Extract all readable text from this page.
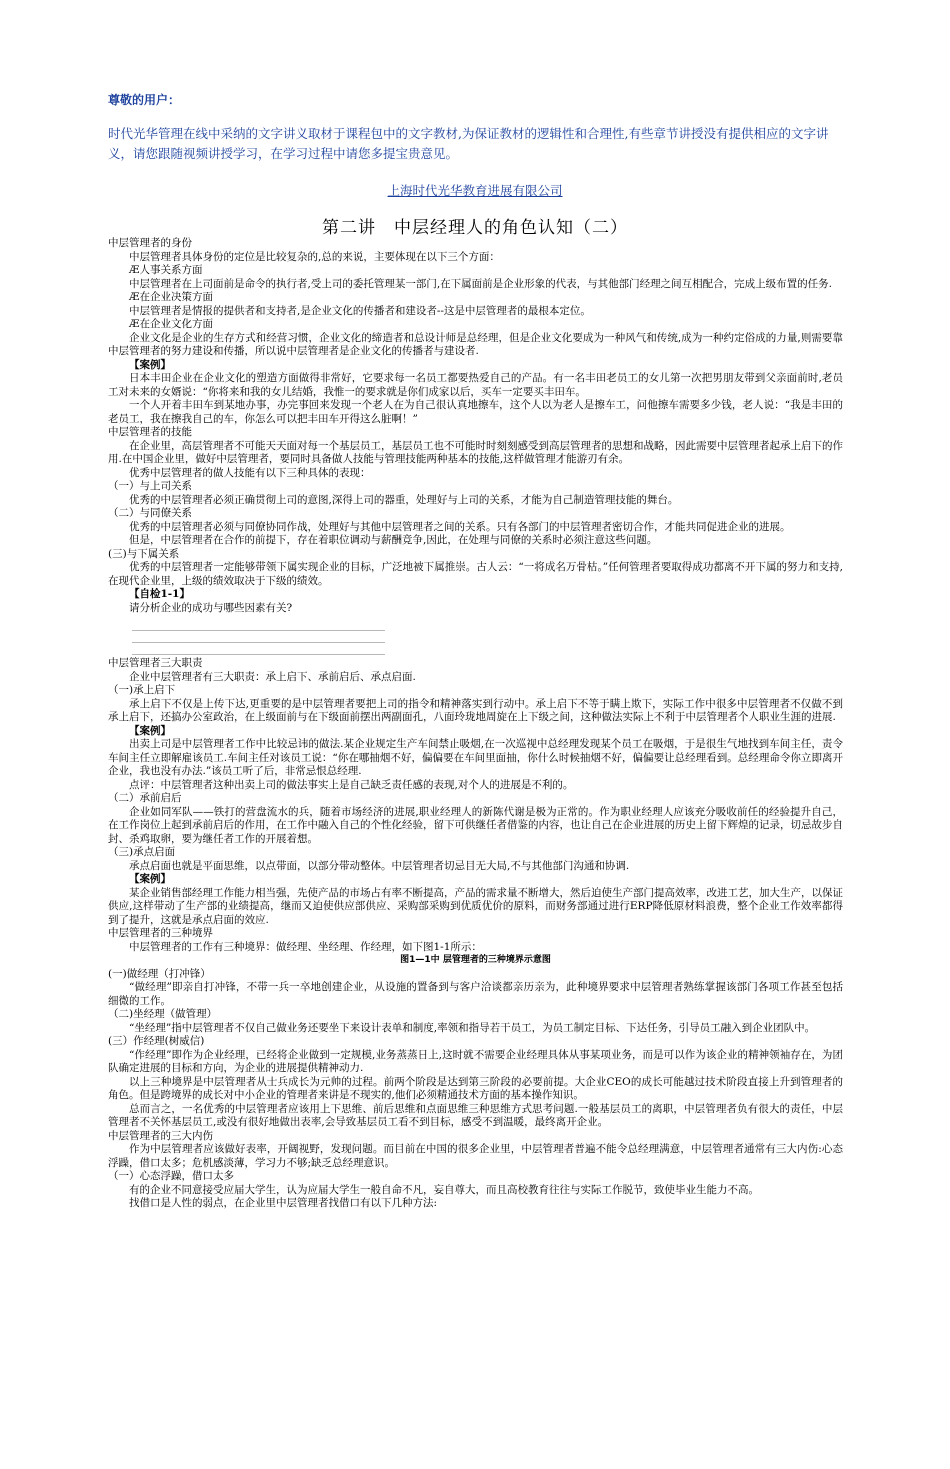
尊敬的用户：
时代光华管理在线中采纳的文字讲义取材于课程包中的文字教材,为保证教材的逻辑性和合理性,有些章节讲授没有提供相应的文字讲义，请您跟随视频讲授学习，在学习过程中请您多提宝贵意见。
上海时代光华教育进展有限公司
第二讲　中层经理人的角色认知（二）

中层管理者的身份

中层管理者具体身份的定位是比较复杂的,总的来说，主要体现在以下三个方面：

Æ人事关系方面

中层管理者在上司面前是命令的执行者,受上司的委托管理某一部门,在下属面前是企业形象的代表，与其他部门经理之间互相配合，完成上级布置的任务.

Æ在企业决策方面

中层管理者是情报的提供者和支持者,是企业文化的传播者和建设者--这是中层管理者的最根本定位。

Æ在企业文化方面

企业文化是企业的生存方式和经营习惯，企业文化的缔造者和总设计师是总经理，但是企业文化要成为一种风气和传统,成为一种约定俗成的力量,则需要靠中层管理者的努力建设和传播，所以说中层管理者是企业文化的传播者与建设者.

【案例】

日本丰田企业在企业文化的塑造方面做得非常好，它要求每一名员工都要热爱自己的产品。有一名丰田老员工的女儿第一次把男朋友带到父亲面前时,老员工对未来的女婿说：“你将来和我的女儿结婚，我惟一的要求就是你们成家以后，买车一定要买丰田车。

一个人开着丰田车到某地办事，办完事回来发现一个老人在为自己很认真地擦车，这个人以为老人是擦车工，问他擦车需要多少钱，老人说：“我是丰田的老员工，我在擦我自己的车，你怎么可以把丰田车开得这么脏啊！”

中层管理者的技能

在企业里，高层管理者不可能天天面对每一个基层员工，基层员工也不可能时时刻刻感受到高层管理者的思想和战略，因此需要中层管理者起承上启下的作用.在中国企业里，做好中层管理者，要同时具备做人技能与管理技能两种基本的技能,这样做管理才能游刃有余。

优秀中层管理者的做人技能有以下三种具体的表现：

（一）与上司关系

优秀的中层管理者必须正确贯彻上司的意图,深得上司的器重，处理好与上司的关系，才能为自己制造管理技能的舞台。

（二）与同僚关系

优秀的中层管理者必须与同僚协同作战，处理好与其他中层管理者之间的关系。只有各部门的中层管理者密切合作，才能共同促进企业的进展。

但是，中层管理者在合作的前提下，存在着职位调动与薪酬竞争,因此，在处理与同僚的关系时必须注意这些问题。

(三)与下属关系

优秀的中层管理者一定能够带领下属实现企业的目标，广泛地被下属推崇。古人云：“一将成名万骨枯。”任何管理者要取得成功都离不开下属的努力和支持,在现代企业里，上级的绩效取决于下级的绩效。

【自检1-1】

请分析企业的成功与哪些因素有关?

中层管理者三大职责

企业中层管理者有三大职责：承上启下、承前启后、承点启面.

（一)承上启下

承上启下不仅是上传下达,更重要的是中层管理者要把上司的指令和精神落实到行动中。承上启下不等于瞒上欺下，实际工作中很多中层管理者不仅做不到承上启下，还搞办公室政治，在上级面前与在下级面前摆出两副面孔，八面玲珑地周旋在上下级之间，这种做法实际上不利于中层管理者个人职业生涯的进展.

【案例】

出卖上司是中层管理者工作中比较忌讳的做法.某企业规定生产车间禁止吸烟,在一次巡视中总经理发现某个员工在吸烟，于是很生气地找到车间主任，责令车间主任立即解雇该员工.车间主任对该员工说：“你在哪抽烟不好，偏偏要在车间里面抽，你什么时候抽烟不好，偏偏要让总经理看到。总经理命令你立即离开企业，我也没有办法.”该员工听了后，非常忌恨总经理.

点评：中层管理者这种出卖上司的做法事实上是自己缺乏责任感的表现,对个人的进展是不利的。

（二）承前启后

企业如同军队——铁打的营盘流水的兵，随着市场经济的进展,职业经理人的新陈代谢是极为正常的。作为职业经理人应该充分吸收前任的经验提升自己，在工作岗位上起到承前启后的作用，在工作中融入自己的个性化经验，留下可供继任者借鉴的内容，也让自己在企业进展的历史上留下辉煌的记录，切忌故步自封、杀鸡取卵，要为继任者工作的开展着想。

（三)承点启面

承点启面也就是平面思维，以点带面，以部分带动整体。中层管理者切忌目无大局,不与其他部门沟通和协调.

【案例】

某企业销售部经理工作能力相当强，先使产品的市场占有率不断提高，产品的需求量不断增大，然后迫使生产部门提高效率，改进工艺，加大生产，以保证供应,这样带动了生产部的业绩提高，继而又迫使供应部供应、采购部采购到优质优价的原料，而财务部通过进行ERP降低原材料浪费，整个企业工作效率都得到了提升，这就是承点启面的效应.

中层管理者的三种境界

中层管理者的工作有三种境界：做经理、坐经理、作经理，如下图1-1所示：

图1—1中 层管理者的三种境界示意图

(一)做经理（打冲锋）

“做经理”即亲自打冲锋，不带一兵一卒地创建企业，从设施的置备到与客户洽谈都亲历亲为，此种境界要求中层管理者熟练掌握该部门各项工作甚至包括细微的工作。

（二)坐经理（做管理）

“坐经理”指中层管理者不仅自己做业务还要坐下来设计表单和制度,率领和指导若干员工，为员工制定目标、下达任务，引导员工融入到企业团队中。

(三）作经理(树威信)

“作经理”即作为企业经理，已经将企业做到一定规模,业务蒸蒸日上,这时就不需要企业经理具体从事某项业务，而是可以作为该企业的精神领袖存在，为团队确定进展的目标和方向，为企业的进展提供精神动力.

以上三种境界是中层管理者从士兵成长为元帅的过程。前两个阶段是达到第三阶段的必要前提。大企业CEO的成长可能越过技术阶段直接上升到管理者的角色。但是跨境界的成长对中小企业的管理者来讲是不现实的,他们必须精通技术方面的基本操作知识。

总而言之，一名优秀的中层管理者应该用上下思维、前后思维和点面思维三种思维方式思考问题.一般基层员工的离职，中层管理者负有很大的责任，中层管理者不关怀基层员工,或没有很好地做出表率,会导致基层员工看不到目标，感受不到温暖，最终离开企业。

中层管理者的三大内伤

作为中层管理者应该做好表率，开阔视野，发现问题。而目前在中国的很多企业里，中层管理者普遍不能令总经理满意，中层管理者通常有三大内伤:心态浮躁，借口太多；危机感淡薄，学习力不够;缺乏总经理意识。

（一）心态浮躁，借口太多

有的企业不同意接受应届大学生，认为应届大学生一般自命不凡，妄自尊大，而且高校教育往往与实际工作脱节，致使毕业生能力不高。

找借口是人性的弱点，在企业里中层管理者找借口有以下几种方法:
